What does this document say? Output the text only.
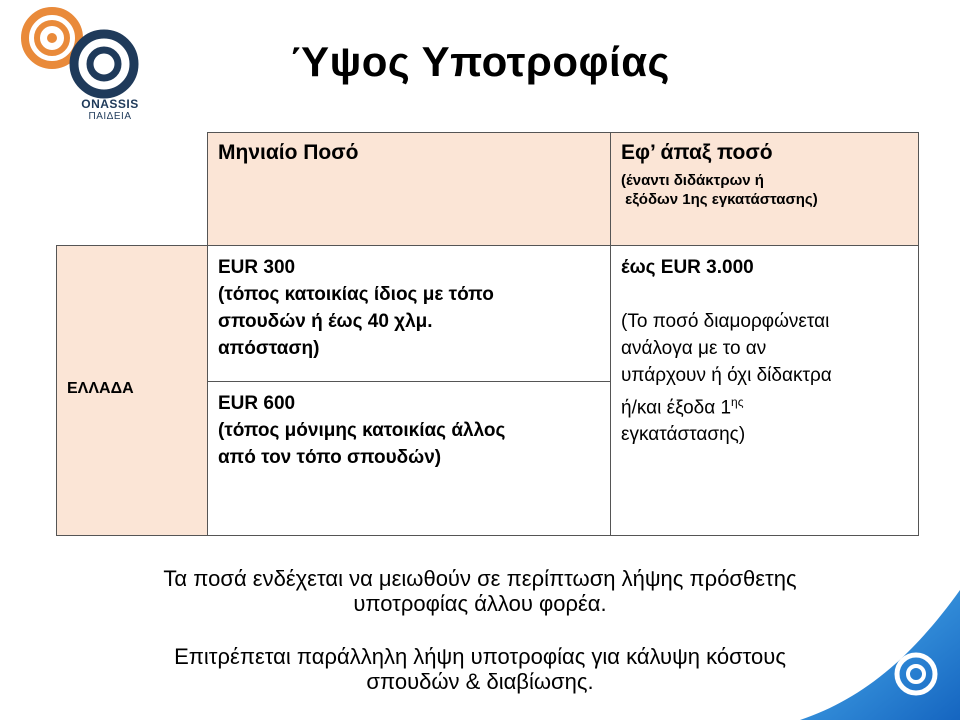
ONASSIS
ΠΑΙΔΕΙΑ
Ύψος Υποτροφίας
Μηνιαίο Ποσό	Εφ’ άπαξ ποσό
(έναντι διδάκτρων ή
εξόδων 1ης εγκατάστασης)
ΕΛΛΑΔΑ
EUR 300
(τόπος κατοικίας ίδιος με τόπο
σπουδών ή έως 40 χλμ.
απόσταση)
EUR 600
(τόπος μόνιμης κατοικίας άλλος
από τον τόπο σπουδών)
έως EUR 3.000
(Το ποσό διαμορφώνεται
ανάλογα με το αν
υπάρχουν ή όχι δίδακτρα
ή/και έξοδα $1^{\eta\varsigma}$
εγκατάστασης)
Τα ποσά ενδέχεται να μειωθούν σε περίπτωση λήψης πρόσθετης
υποτροφίας άλλου φορέα.
Επιτρέπεται παράλληλη λήψη υποτροφίας για κάλυψη κόστους
σπουδών & διαβίωσης.
